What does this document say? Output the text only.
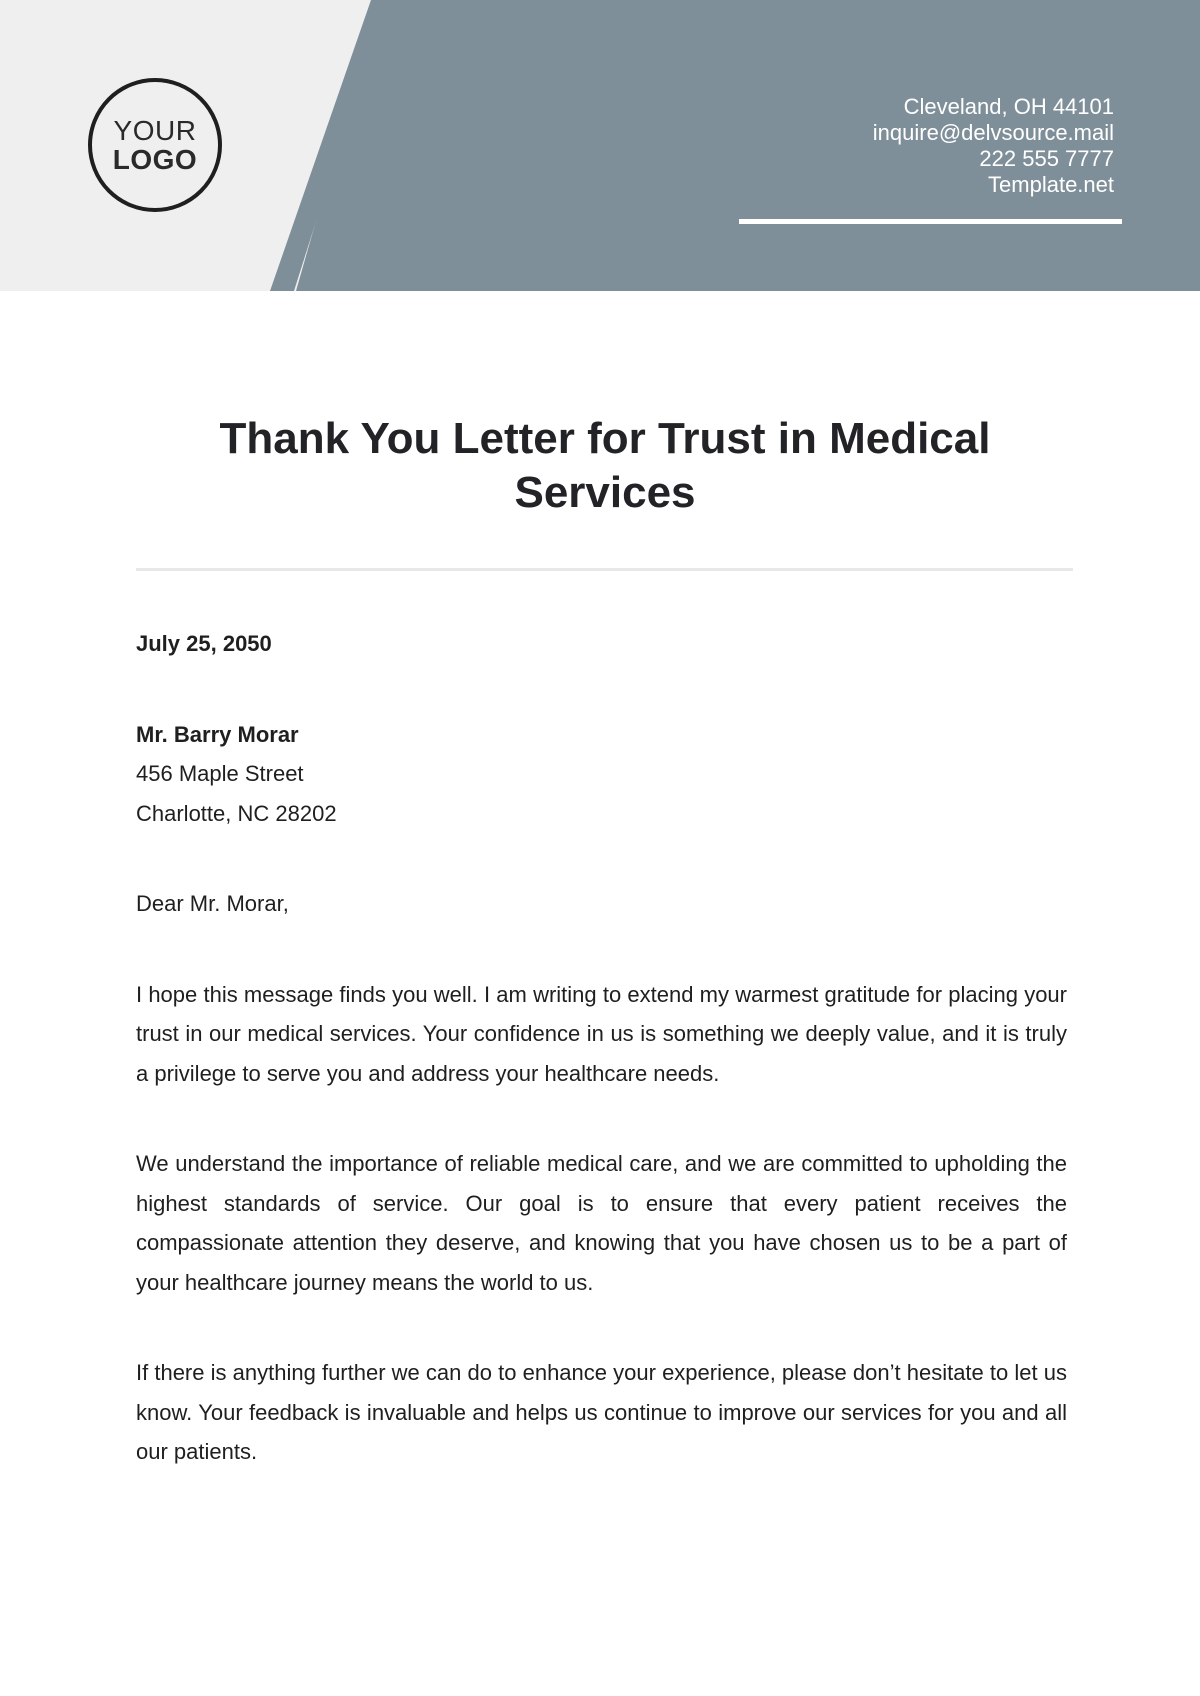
YOUR
LOGO
Cleveland, OH 44101
inquire@delvsource.mail
222 555 7777
Template.net
Thank You Letter for Trust in Medical Services

July 25, 2050

Mr. Barry Morar

456 Maple Street

Charlotte, NC 28202

Dear Mr. Morar,

I hope this message finds you well. I am writing to extend my warmest gratitude for placing your trust in our medical services. Your confidence in us is something we deeply value, and it is truly a privilege to serve you and address your healthcare needs.

We understand the importance of reliable medical care, and we are committed to upholding the highest standards of service. Our goal is to ensure that every patient receives the compassionate attention they deserve, and knowing that you have chosen us to be a part of your healthcare journey means the world to us.

If there is anything further we can do to enhance your experience, please don’t hesitate to let us know. Your feedback is invaluable and helps us continue to improve our services for you and all our patients.
